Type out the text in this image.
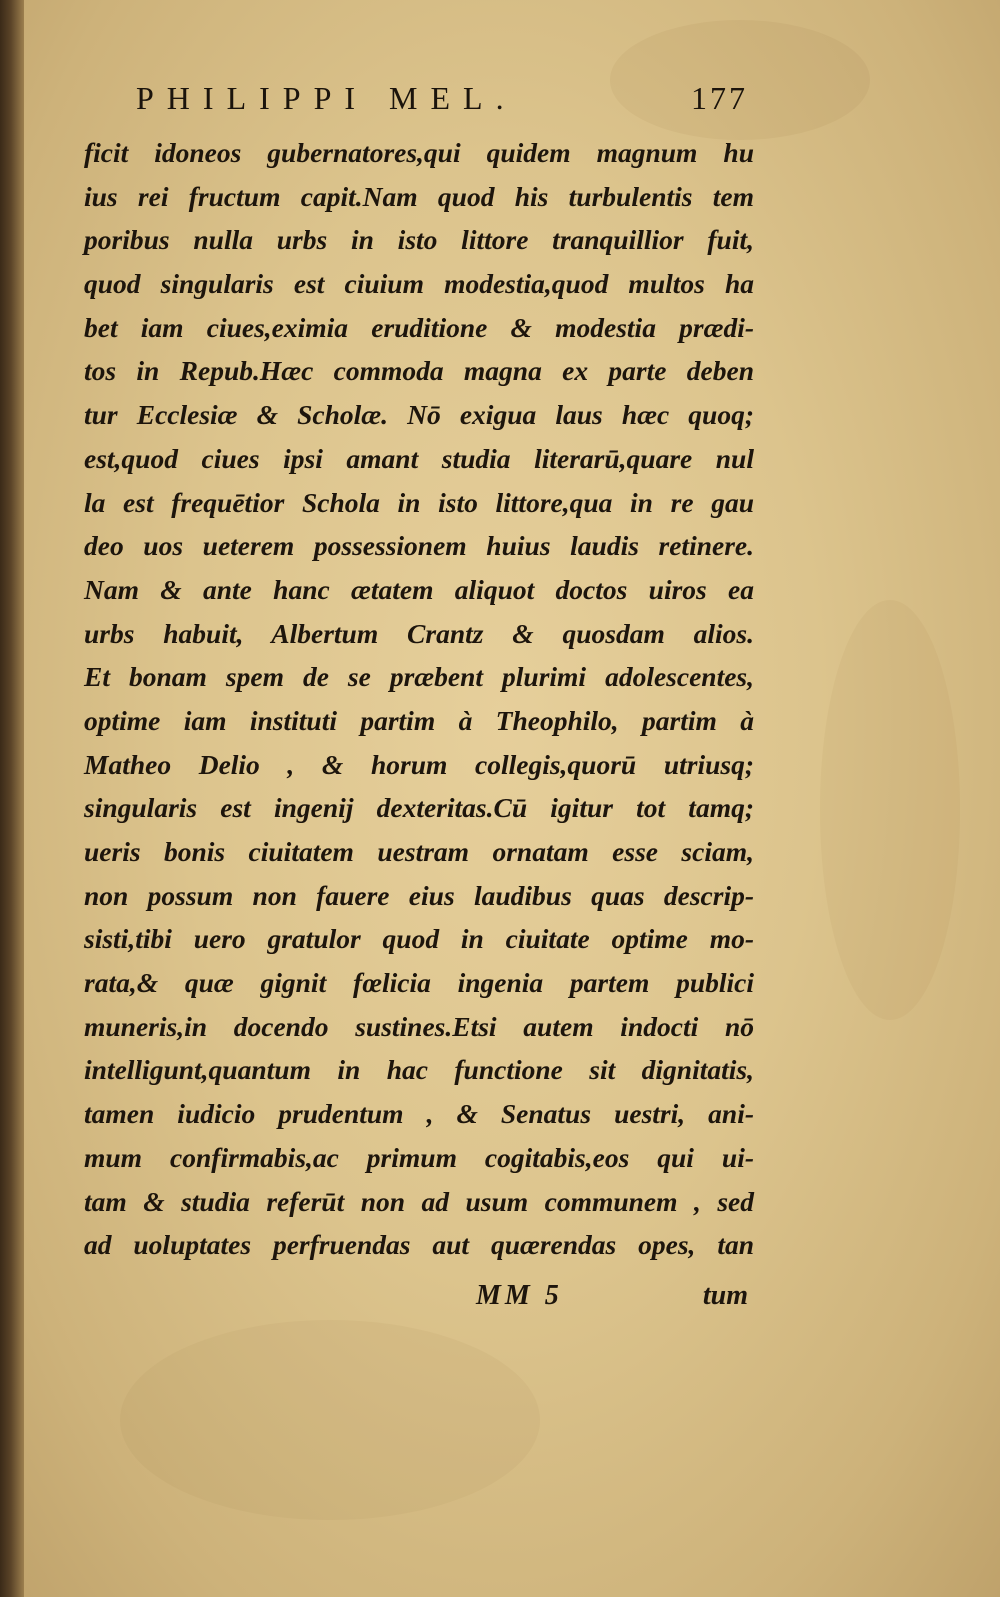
PHILIPPI MEL.	177
ficit idoneos gubernatores,qui quidem magnum hu
ius rei fructum capit.Nam quod his turbulentis tem
poribus nulla urbs in isto littore tranquillior fuit,
quod singularis est ciuium modestia,quod multos ha
bet iam ciues,eximia eruditione & modestia prædi-
tos in Repub.Hæc commoda magna ex parte deben
tur Ecclesiæ & Scholæ. Nō exigua laus hæc quoq;
est,quod ciues ipsi amant studia literarū,quare nul
la est frequētior Schola in isto littore,qua in re gau
deo uos ueterem possessionem huius laudis retinere.
Nam & ante hanc ætatem aliquot doctos uiros ea
urbs habuit, Albertum Crantz & quosdam alios.
Et bonam spem de se præbent plurimi adolescentes,
optime iam instituti partim à Theophilo, partim à
Matheo Delio , & horum collegis,quorū utriusq;
singularis est ingenij dexteritas.Cū igitur tot tamq;
ueris bonis ciuitatem uestram ornatam esse sciam,
non possum non fauere eius laudibus quas descrip-
sisti,tibi uero gratulor quod in ciuitate optime mo-
rata,& quæ gignit fœlicia ingenia partem publici
muneris,in docendo sustines.Etsi autem indocti nō
intelligunt,quantum in hac functione sit dignitatis,
tamen iudicio prudentum , & Senatus uestri, ani-
mum confirmabis,ac primum cogitabis,eos qui ui-
tam & studia referūt non ad usum communem , sed
ad uoluptates perfruendas aut quærendas opes, tan
MM 5	tum
